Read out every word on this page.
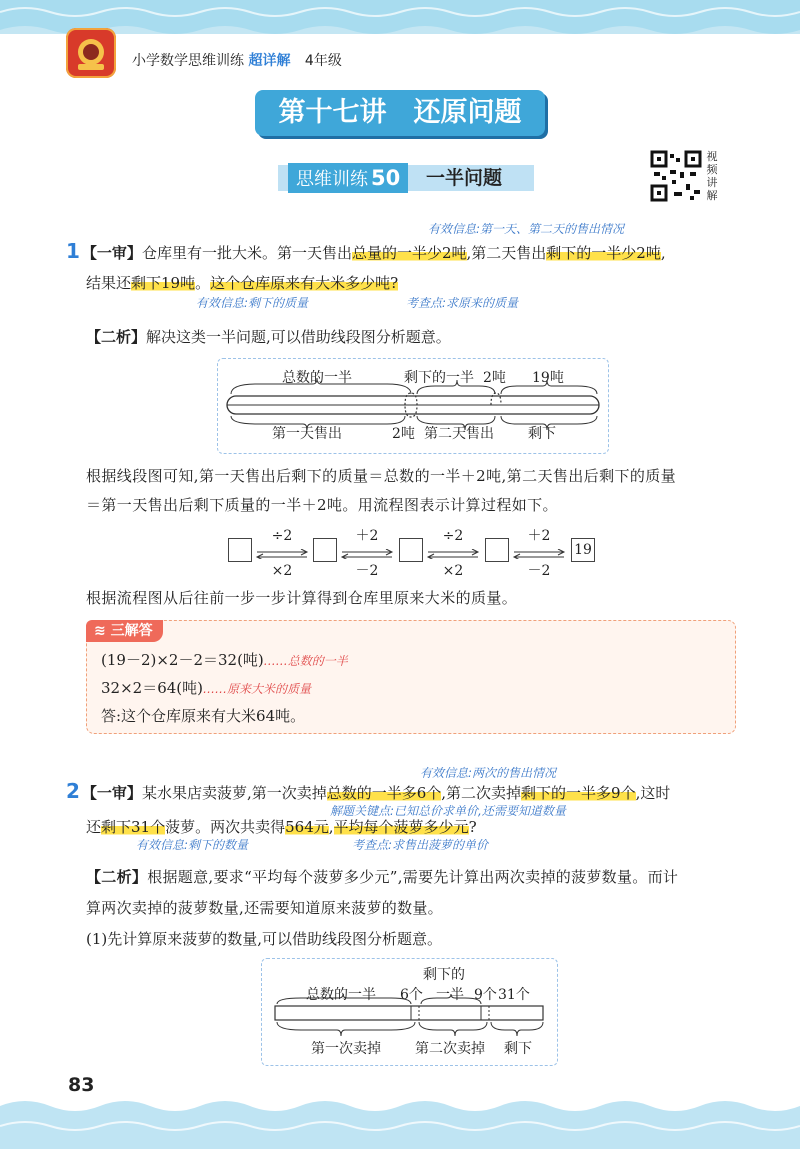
小学数学思维训练 超详解 4年级
第十七讲　还原问题
思维训练 50	一半问题
视
频
讲
解
有效信息:第一天、第二天的售出情况
1 【一审】仓库里有一批大米。第一天售出总量的一半少2吨,第二天售出剩下的一半少2吨,
结果还剩下19吨。这个仓库原来有大米多少吨?
有效信息:剩下的质量	考查点:求原来的质量
【二析】解决这类一半问题,可以借助线段图分析题意。
总数的一半	剩下的一半 2吨 19吨
第一天售出	2吨 第二天售出 剩下
根据线段图可知,第一天售出后剩下的质量＝总数的一半＋2吨,第二天售出后剩下的质量
＝第一天售出后剩下质量的一半＋2吨。用流程图表示计算过程如下。
19
÷2
×2
＋2
－2
÷2
×2
＋2
－2
根据流程图从后往前一步一步计算得到仓库里原来大米的质量。
≋ 三解答
(19－2)×2－2＝32(吨)……总数的一半
32×2＝64(吨)……原来大米的质量
答:这个仓库原来有大米64吨。
有效信息:两次的售出情况
2 【一审】某水果店卖菠萝,第一次卖掉总数的一半多6个,第二次卖掉剩下的一半多9个,这时
解题关键点:已知总价求单价,还需要知道数量
还剩下31个菠萝。两次共卖得564元,平均每个菠萝多少元?
有效信息:剩下的数量	考查点:求售出菠萝的单价
【二析】根据题意,要求“平均每个菠萝多少元”,需要先计算出两次卖掉的菠萝数量。而计
算两次卖掉的菠萝数量,还需要知道原来菠萝的数量。
(1)先计算原来菠萝的数量,可以借助线段图分析题意。
剩下的
总数的一半 6个 一半 9个 31个
第一次卖掉 第二次卖掉 剩下
83
